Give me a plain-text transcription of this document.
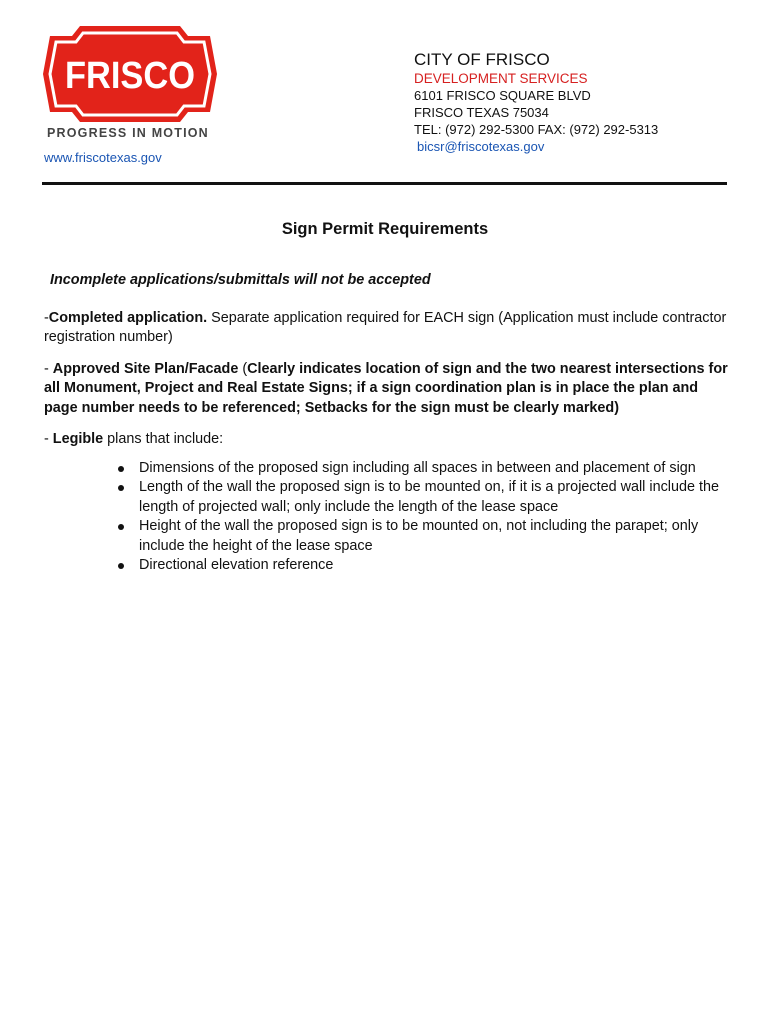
FRISCO
PROGRESS IN MOTION
www.friscotexas.gov
CITY OF FRISCO
DEVELOPMENT SERVICES
6101 FRISCO SQUARE BLVD
FRISCO TEXAS 75034
TEL: (972) 292-5300 FAX: (972) 292-5313
bicsr@friscotexas.gov
Sign Permit Requirements

Incomplete applications/submittals will not be accepted

-Completed application. Separate application required for EACH sign (Application must include contractor registration number)

- Approved Site Plan/Facade (Clearly indicates location of sign and the two nearest intersections for all Monument, Project and Real Estate Signs; if a sign coordination plan is in place the plan and page number needs to be referenced; Setbacks for the sign must be clearly marked)

- Legible plans that include:

Dimensions of the proposed sign including all spaces in between and placement of sign
Length of the wall the proposed sign is to be mounted on, if it is a projected wall include the length of projected wall; only include the length of the lease space
Height of the wall the proposed sign is to be mounted on, not including the parapet; only include the height of the lease space
Directional elevation reference
